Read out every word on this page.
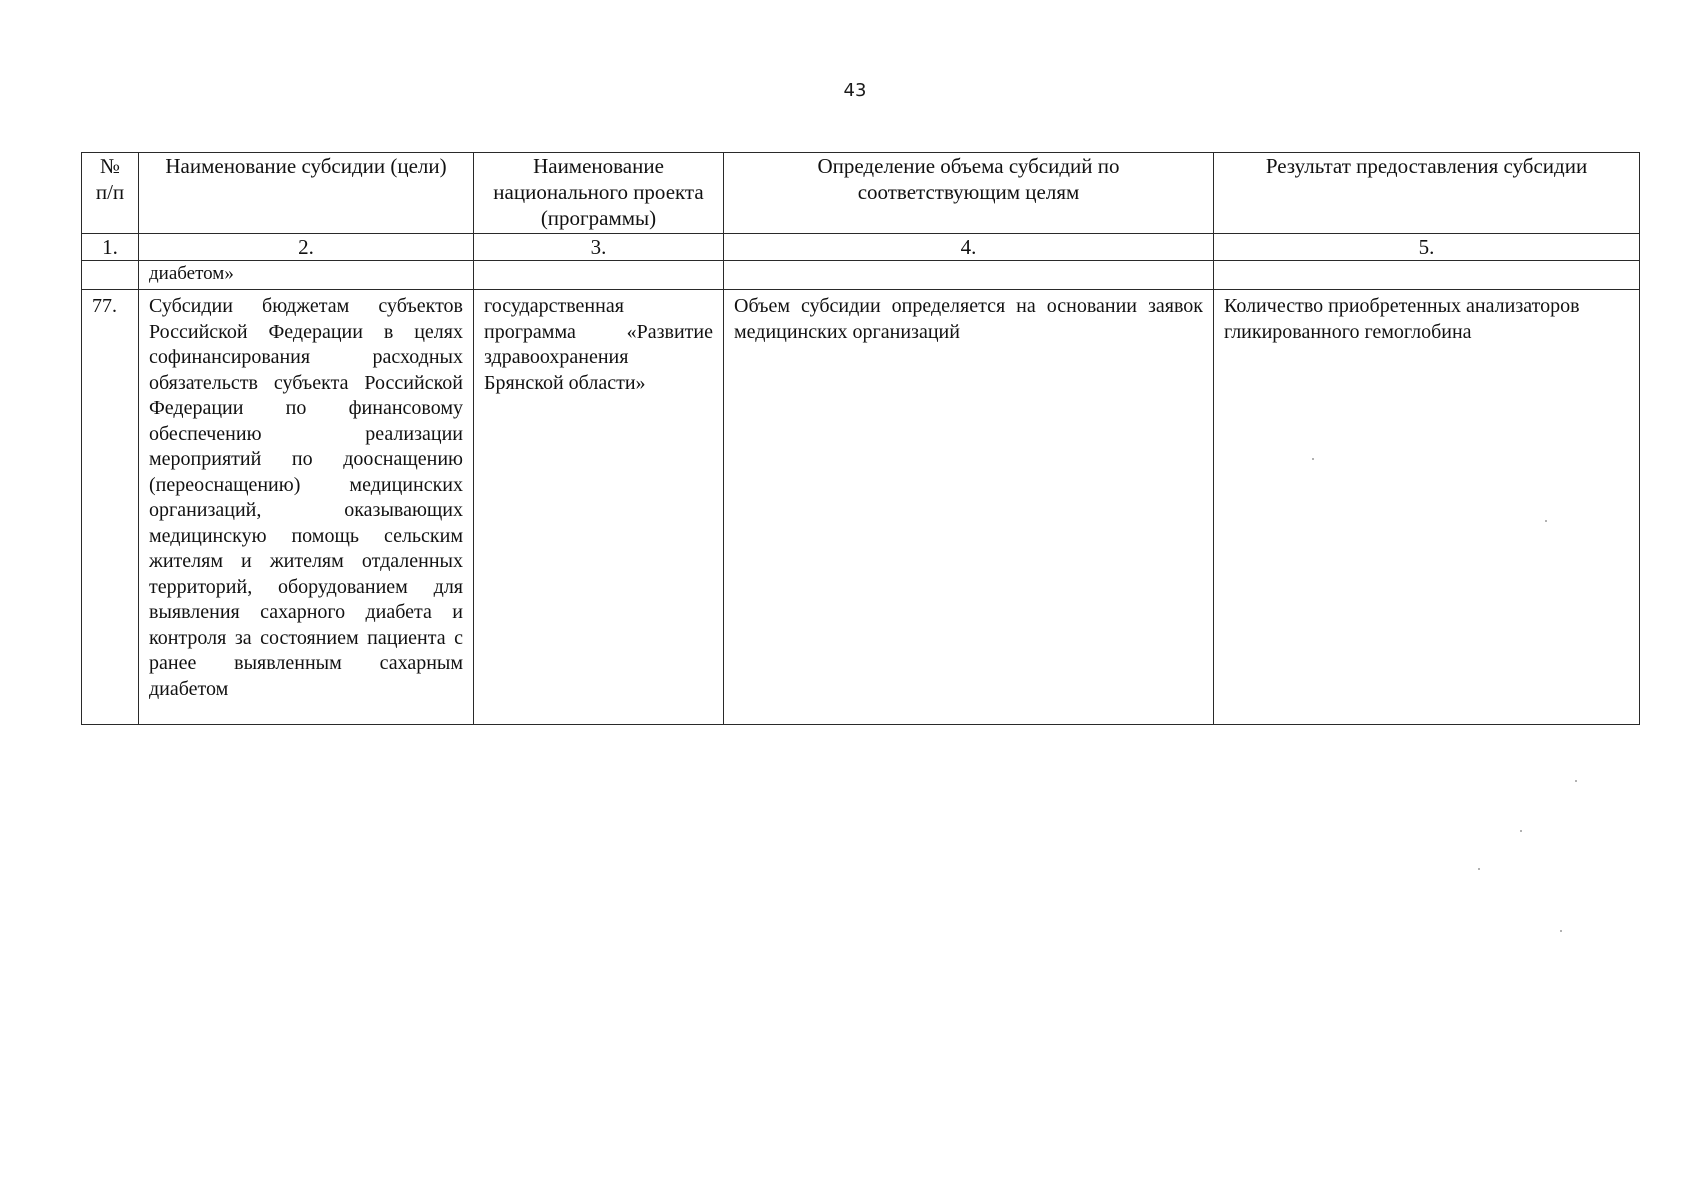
43
№ п/п	Наименование субсидии (цели)	Наименование национального проекта (программы)	Определение объема субсидий по соответствующим целям	Результат предоставления субсидии
1.	2.	3.	4.	5.
	диабетом»			
77.	Субсидии бюджетам субъектов Российской Федерации в целях софинансирования расходных обязательств субъекта Российской Федерации по финансовому обеспечению реализации мероприятий по дооснащению (переоснащению) медицинских организаций, оказывающих медицинскую помощь сельским жителям и жителям отдаленных территорий, оборудованием для выявления сахарного диабета и контроля за состоянием пациента с ранее выявленным сахарным диабетом	государственная программа «Развитие здравоохранения Брянской области»	Объем субсидии определяется на основании заявок медицинских организаций	Количество приобретенных анализаторов гликированного гемоглобина
